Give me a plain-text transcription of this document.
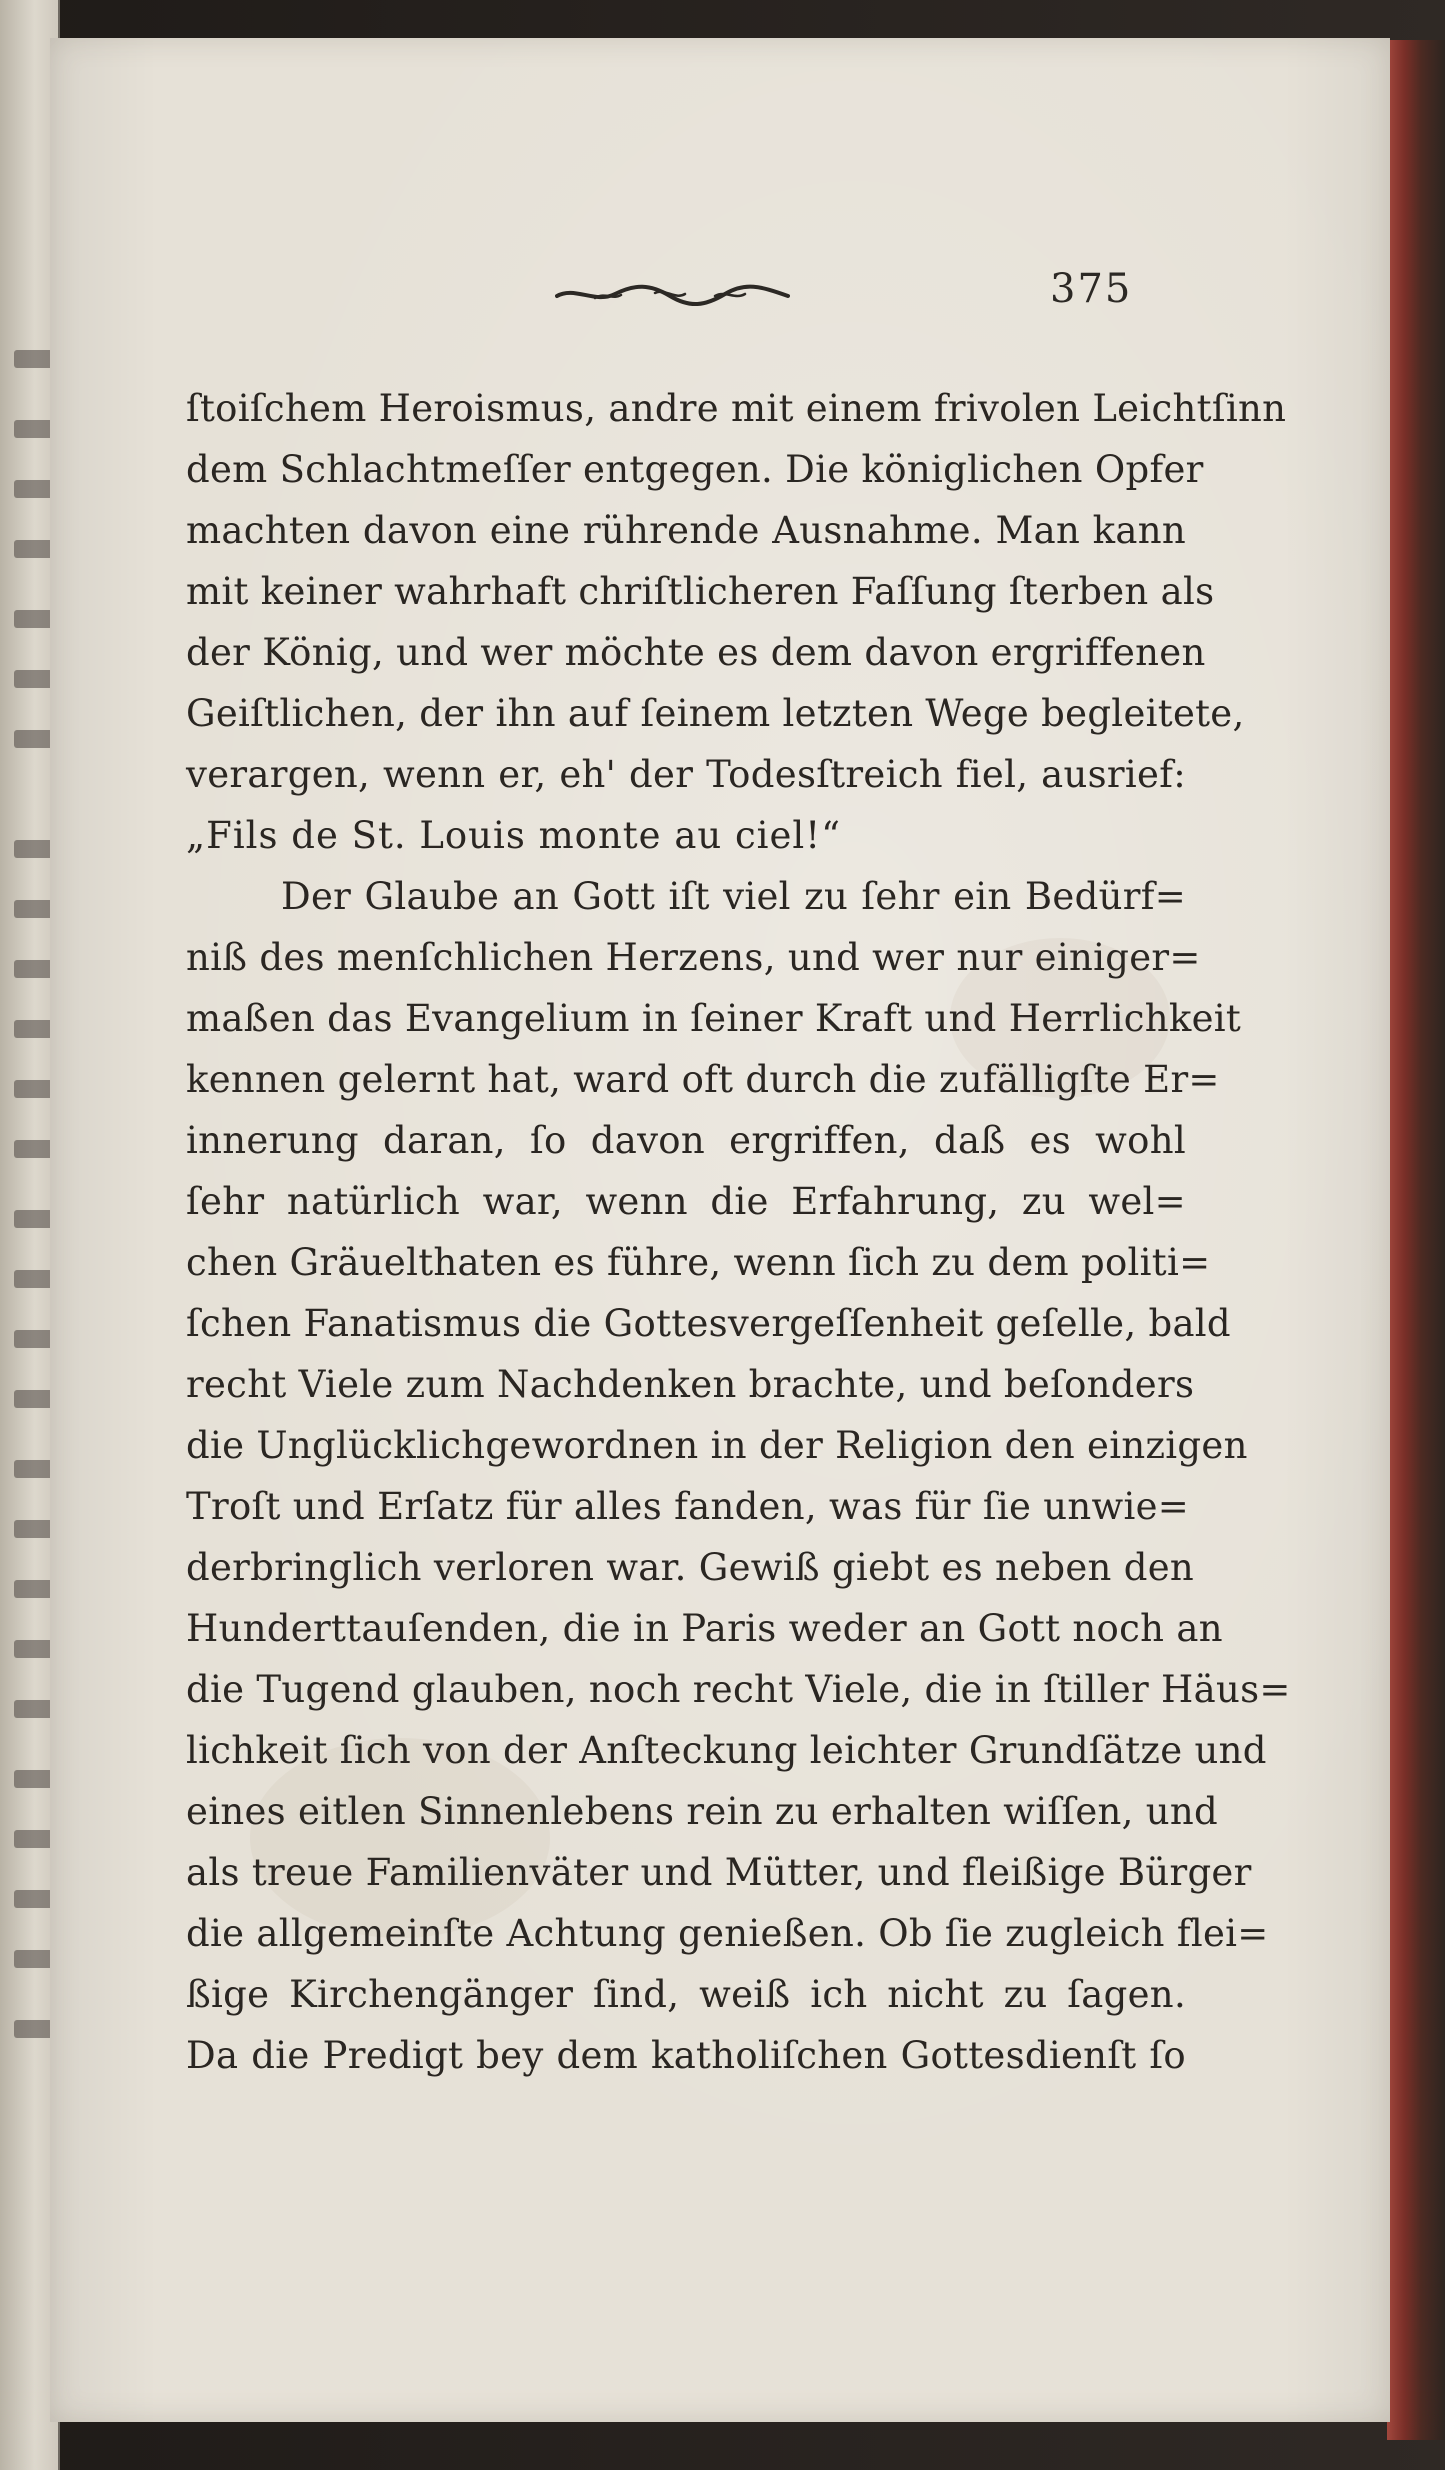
375
ſtoiſchem Heroismus, andre mit einem frivolen Leichtſinn
dem Schlachtmeſſer entgegen. Die königlichen Opfer
machten davon eine rührende Ausnahme. Man kann
mit keiner wahrhaft chriſtlicheren Faſſung ſterben als
der König, und wer möchte es dem davon ergriffenen
Geiſtlichen, der ihn auf ſeinem letzten Wege begleitete,
verargen, wenn er, eh' der Todesſtreich fiel, ausrief:
„Fils de St. Louis monte au ciel!“
Der Glaube an Gott iſt viel zu ſehr ein Bedürf=
niß des menſchlichen Herzens, und wer nur einiger=
maßen das Evangelium in ſeiner Kraft und Herrlichkeit
kennen gelernt hat, ward oft durch die zufälligſte Er=
innerung daran, ſo davon ergriffen, daß es wohl
ſehr natürlich war, wenn die Erfahrung, zu wel=
chen Gräuelthaten es führe, wenn ſich zu dem politi=
ſchen Fanatismus die Gottesvergeſſenheit geſelle, bald
recht Viele zum Nachdenken brachte, und beſonders
die Unglücklichgewordnen in der Religion den einzigen
Troſt und Erſatz für alles fanden, was für ſie unwie=
derbringlich verloren war. Gewiß giebt es neben den
Hunderttauſenden, die in Paris weder an Gott noch an
die Tugend glauben, noch recht Viele, die in ſtiller Häus=
lichkeit ſich von der Anſteckung leichter Grundſätze und
eines eitlen Sinnenlebens rein zu erhalten wiſſen, und
als treue Familienväter und Mütter, und fleißige Bürger
die allgemeinſte Achtung genießen. Ob ſie zugleich flei=
ßige Kirchengänger ſind, weiß ich nicht zu ſagen.
Da die Predigt bey dem katholiſchen Gottesdienſt ſo
